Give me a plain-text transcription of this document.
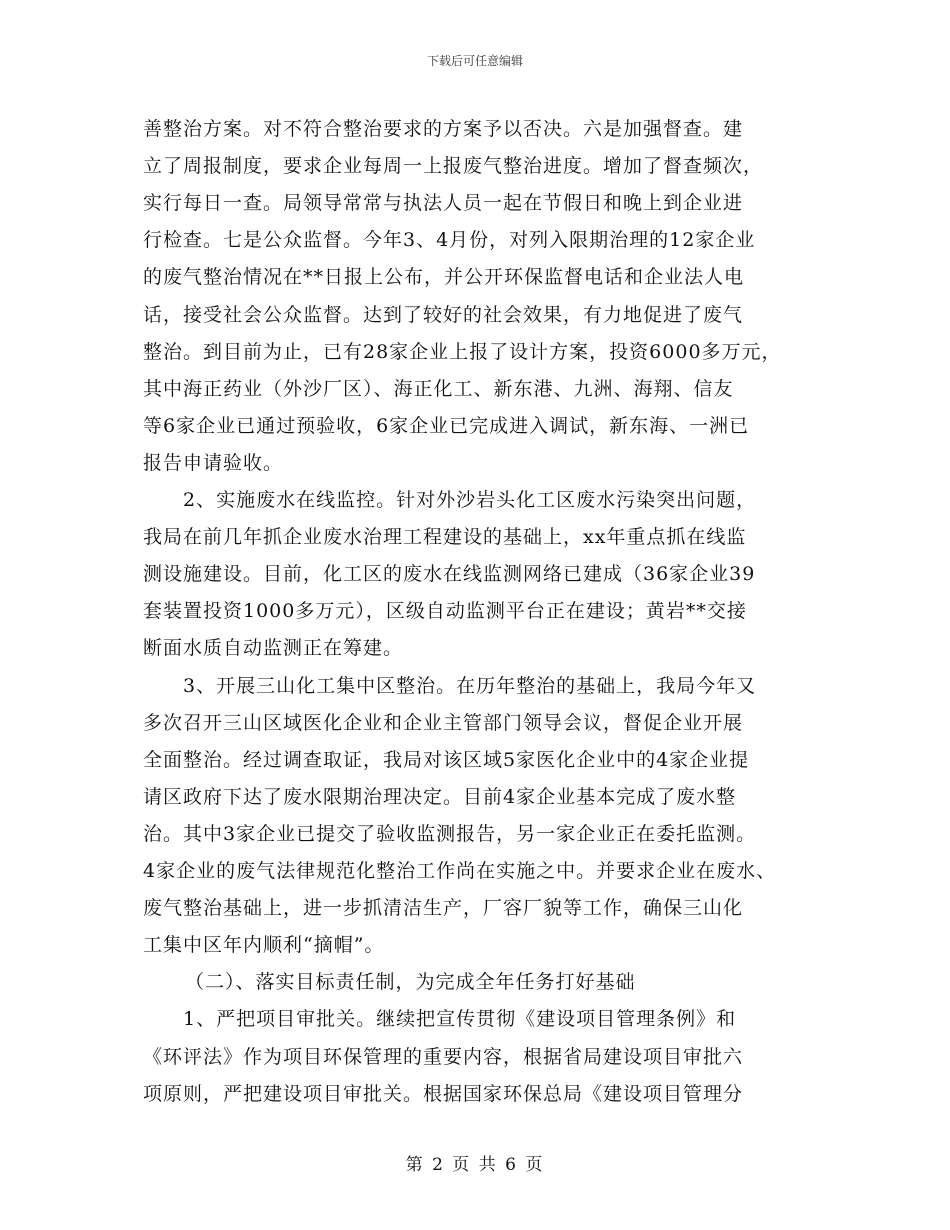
下载后可任意编辑
善整治方案。对不符合整治要求的方案予以否决。六是加强督查。建
立了周报制度，要求企业每周一上报废气整治进度。增加了督查频次，
实行每日一查。局领导常常与执法人员一起在节假日和晚上到企业进
行检查。七是公众监督。今年3、4月份，对列入限期治理的12家企业
的废气整治情况在**日报上公布，并公开环保监督电话和企业法人电
话，接受社会公众监督。达到了较好的社会效果，有力地促进了废气
整治。到目前为止，已有28家企业上报了设计方案，投资6000多万元，
其中海正药业（外沙厂区）、海正化工、新东港、九洲、海翔、信友
等6家企业已通过预验收，6家企业已完成进入调试，新东海、一洲已
报告申请验收。
2、实施废水在线监控。针对外沙岩头化工区废水污染突出问题，
我局在前几年抓企业废水治理工程建设的基础上，xx年重点抓在线监
测设施建设。目前，化工区的废水在线监测网络已建成（36家企业39
套装置投资1000多万元），区级自动监测平台正在建设；黄岩**交接
断面水质自动监测正在筹建。
3、开展三山化工集中区整治。在历年整治的基础上，我局今年又
多次召开三山区域医化企业和企业主管部门领导会议，督促企业开展
全面整治。经过调查取证，我局对该区域5家医化企业中的4家企业提
请区政府下达了废水限期治理决定。目前4家企业基本完成了废水整
治。其中3家企业已提交了验收监测报告，另一家企业正在委托监测。
4家企业的废气法律规范化整治工作尚在实施之中。并要求企业在废水、
废气整治基础上，进一步抓清洁生产，厂容厂貌等工作，确保三山化
工集中区年内顺利“摘帽”。
（二）、落实目标责任制，为完成全年任务打好基础
1、严把项目审批关。继续把宣传贯彻《建设项目管理条例》和
《环评法》作为项目环保管理的重要内容，根据省局建设项目审批六
项原则，严把建设项目审批关。根据国家环保总局《建设项目管理分
第 2 页 共 6 页
